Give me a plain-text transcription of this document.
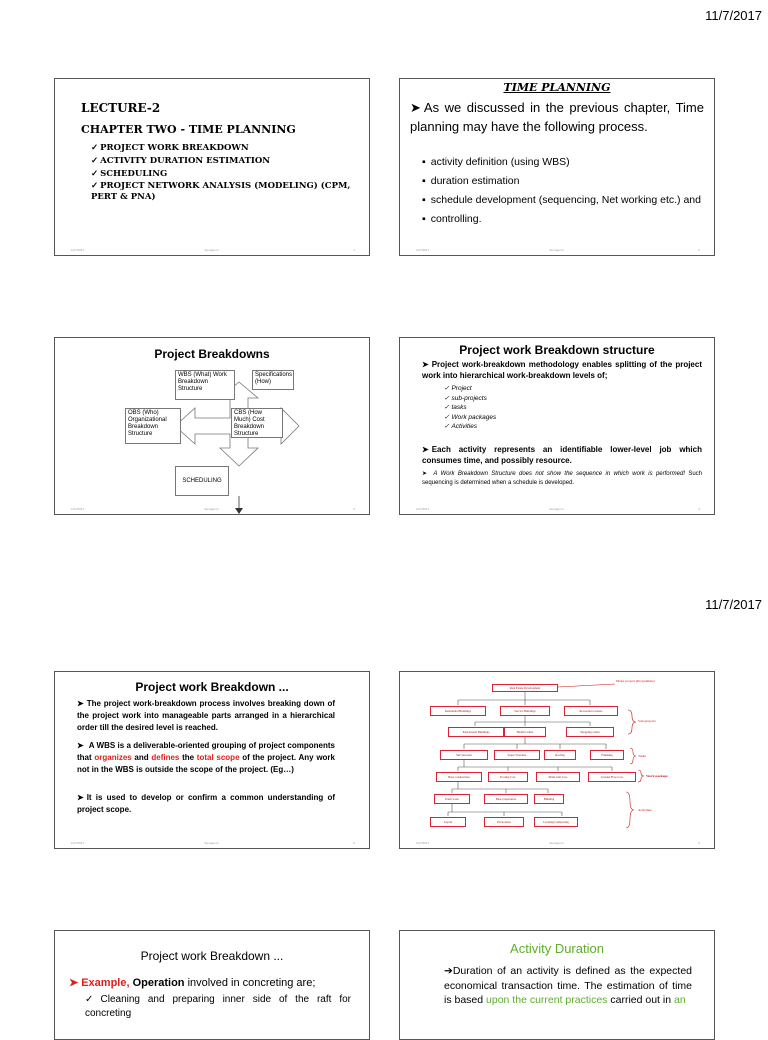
11/7/2017
11/7/2017
LECTURE-2
CHAPTER TWO - TIME PLANNING
✓ PROJECT WORK BREAKDOWN
✓ ACTIVITY DURATION ESTIMATION
✓ SCHEDULING
✓ PROJECT NETWORK ANALYSIS (MODELING) (CPM, PERT & PNA)
11/7/2017	Semagn G.	1
TIME PLANNING
➤ As we discussed in the previous chapter, Time planning may have the following process.
▪ activity definition (using WBS)
▪ duration estimation
▪ schedule development (sequencing, Net working etc.) and
▪ controlling.
11/7/2017	Semagn G.	2
Project Breakdowns
WBS (What) Work Breakdown Structure
Specifications (How)
OBS (Who) Organizational Breakdown Structure
CBS (How Much) Cost Breakdown Structure
SCHEDULING
11/7/2017	Semagn G.	3
Project work Breakdown structure
➤ Project work-breakdown methodology enables splitting of the project work into hierarchical work-breakdown levels of;
✓ Project
✓ sub-projects
✓ tasks
✓ Work packages
✓ Activities
➤ Each activity represents an identifiable lower-level job which consumes time, and possibly resource.
➤ A Work Breakdown Structure does not show the sequence in which work is performed! Such sequencing is determined when a schedule is developed.
11/7/2017	Semagn G.	4
Project work Breakdown ...
➤ The project work-breakdown process involves breaking down of the project work into manageable parts arranged in a hierarchical order till the desired level is reached.
➤ A WBS is a deliverable-oriented grouping of project components that organizes and defines the total scope of the project. Any work not in the WBS is outside the scope of the project. (Eg…)
➤ It is used to develop or confirm a common understanding of project scope.
11/7/2017	Semagn G.	5
Real Estate Development
Residential Buildings	Service Buildings	Recreation Centers
Educational Buildings	Health Center	Shopping center
Sub structure	Super Structure	Roofing	Finishing
Base construction	Footing Con.	Mash wall Con.	Ground Flow Con.
Earth work	Base preparation	Blinding
Layout	Excavation	Leveling/compacting
Major project (Programme)
Sub-projects
Tasks
Work package
Activities
11/7/2017	Semagn G.	6
Project work Breakdown ...
➤ Example, Operation involved in concreting are;
✓ Cleaning and preparing inner side of the raft for concreting
Activity Duration
➔Duration of an activity is defined as the expected economical transaction time. The estimation of time is based upon the current practices carried out in an
